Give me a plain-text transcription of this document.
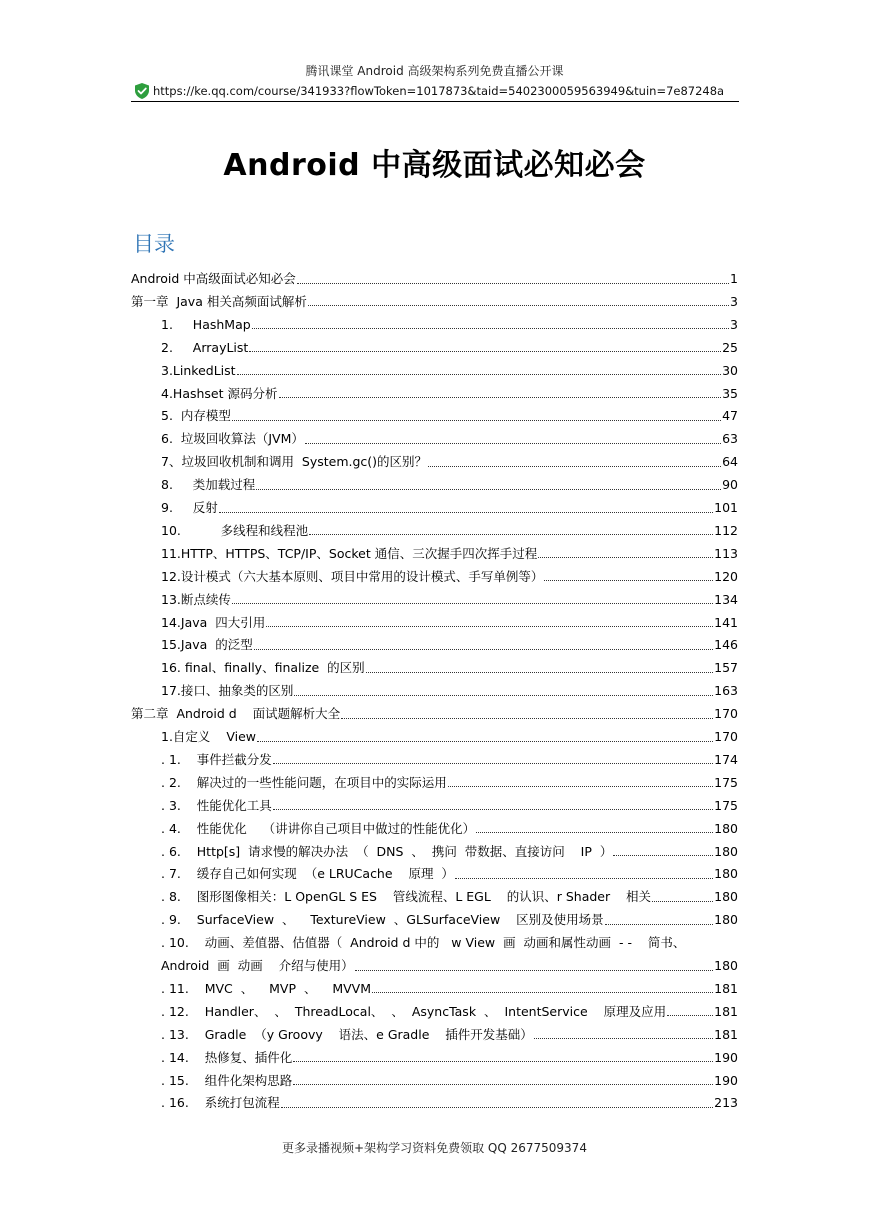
腾讯课堂 Android 高级架构系列免费直播公开课
https://ke.qq.com/course/341933?flowToken=1017873&taid=5402300059563949&tuin=7e87248a
Android 中高级面试必知必会
目录
Android 中高级面试必知必会	1
第一章  Java 相关高频面试解析	3
1.     HashMap	3
2.     ArrayList	25
3.LinkedList	30
4.Hashset 源码分析	35
5.  内存模型	47
6.  垃圾回收算法（JVM）	63
7、垃圾回收机制和调用  System.gc()的区别？	64
8.     类加载过程	90
9.     反射	101
10.          多线程和线程池	112
11.HTTP、HTTPS、TCP/IP、Socket 通信、三次握手四次挥手过程	113
12.设计模式（六大基本原则、项目中常用的设计模式、手写单例等）	120
13.断点续传	134
14.Java  四大引用	141
15.Java  的泛型	146
16. final、finally、finalize  的区别	157
17.接口、抽象类的区别	163
第二章  Android d    面试题解析大全	170
1.自定义    View	170
. 1.    事件拦截分发	174
. 2.    解决过的一些性能问题，在项目中的实际运用	175
. 3.    性能优化工具	175
. 4.    性能优化    （讲讲你自己项目中做过的性能优化）	180
. 6.    Http[s]  请求慢的解决办法  （  DNS  、  携问  带数据、直接访问    IP  ）	180
. 7.    缓存自己如何实现  （e LRUCache    原理  ）	180
. 8.    图形图像相关：L OpenGL S ES    管线流程、L EGL    的认识、r Shader    相关	180
. 9.    SurfaceView  、    TextureView  、GLSurfaceView    区别及使用场景	180
. 10.    动画、差值器、估值器（  Android d 中的   w View  画  动画和属性动画  - -    简书、
Android  画  动画    介绍与使用）	180
. 11.    MVC  、    MVP  、    MVVM	181
. 12.    Handler、  、  ThreadLocal、  、  AsyncTask  、  IntentService    原理及应用	181
. 13.    Gradle  （y Groovy    语法、e Gradle    插件开发基础）	181
. 14.    热修复、插件化	190
. 15.    组件化架构思路	190
. 16.    系统打包流程	213
更多录播视频+架构学习资料免费领取 QQ 2677509374
